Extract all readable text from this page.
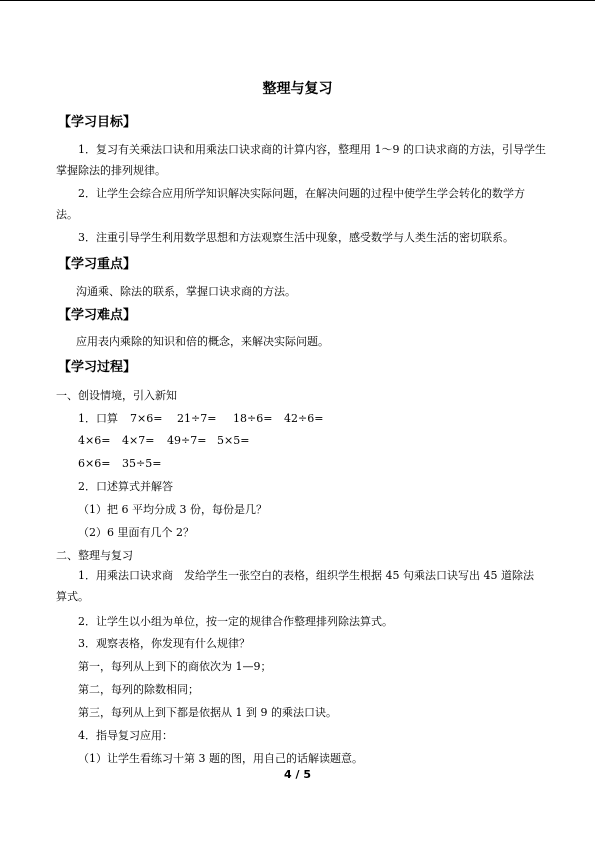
整理与复习
【学习目标】
1．复习有关乘法口诀和用乘法口诀求商的计算内容，整理用 1～9 的口诀求商的方法，引导学生掌握除法的排列规律。
2．让学生会综合应用所学知识解决实际问题，在解决问题的过程中使学生学会转化的数学方法。
3．注重引导学生利用数学思想和方法观察生活中现象，感受数学与人类生活的密切联系。
【学习重点】
沟通乘、除法的联系，掌握口诀求商的方法。
【学习难点】
应用表内乘除的知识和倍的概念，来解决实际问题。
【学习过程】
一、创设情境，引入新知
1．口算 7×6= 21÷7= 18÷6= 42÷6=
4×6= 4×7= 49÷7= 5×5=
6×6= 35÷5=
2．口述算式并解答
（1）把 6 平均分成 3 份，每份是几？
（2）6 里面有几个 2？
二、整理与复习
1．用乘法口诀求商　发给学生一张空白的表格，组织学生根据 45 句乘法口诀写出 45 道除法算式。
2．让学生以小组为单位，按一定的规律合作整理排列除法算式。
3．观察表格，你发现有什么规律？
第一，每列从上到下的商依次为 1—9；
第二，每列的除数相同；
第三，每列从上到下都是依据从 1 到 9 的乘法口诀。
4．指导复习应用：
（1）让学生看练习十第 3 题的图，用自己的话解读题意。
4 / 5
